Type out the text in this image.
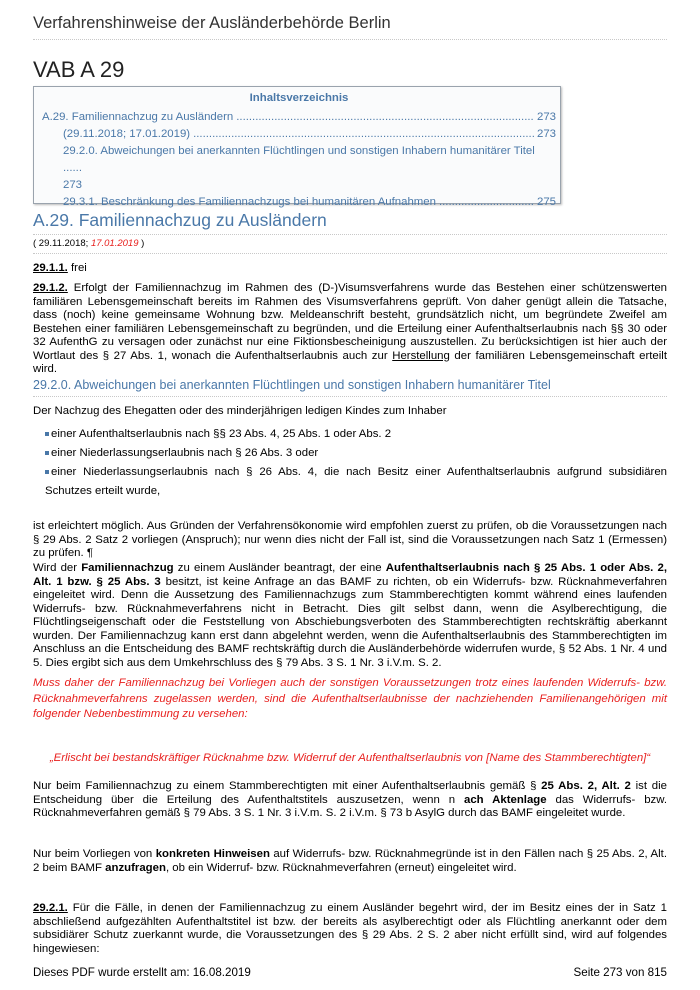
Verfahrenshinweise der Ausländerbehörde Berlin
VAB A 29
Inhaltsverzeichnis
A.29. Familiennachzug zu Ausländern .....	273
(29.11.2018; 17.01.2019) .....	273
29.2.0. Abweichungen bei anerkannten Flüchtlingen und sonstigen Inhabern humanitärer Titel ......
273
29.3.1. Beschränkung des Familiennachzugs bei humanitären Aufnahmen .....	275
A.29. Familiennachzug zu Ausländern
( 29.11.2018; 17.01.2019 )
29.1.1. frei
29.1.2. Erfolgt der Familiennachzug im Rahmen des (D-)Visumsverfahrens wurde das Bestehen einer schützenswerten familiären Lebensgemeinschaft bereits im Rahmen des Visumsverfahrens geprüft. Von daher genügt allein die Tatsache, dass (noch) keine gemeinsame Wohnung bzw. Meldeanschrift besteht, grundsätzlich nicht, um begründete Zweifel am Bestehen einer familiären Lebensgemeinschaft zu begründen, und die Erteilung einer Aufenthaltserlaubnis nach §§ 30 oder 32 AufenthG zu versagen oder zunächst nur eine Fiktionsbescheinigung auszustellen. Zu berücksichtigen ist hier auch der Wortlaut des § 27 Abs. 1, wonach die Aufenthaltserlaubnis auch zur Herstellung der familiären Lebensgemeinschaft erteilt wird.
29.2.0. Abweichungen bei anerkannten Flüchtlingen und sonstigen Inhabern humanitärer Titel
Der Nachzug des Ehegatten oder des minderjährigen ledigen Kindes zum Inhaber
einer Aufenthaltserlaubnis nach §§ 23 Abs. 4, 25 Abs. 1 oder Abs. 2
einer Niederlassungserlaubnis nach § 26 Abs. 3 oder
einer Niederlassungserlaubnis nach § 26 Abs. 4, die nach Besitz einer Aufenthaltserlaubnis aufgrund subsidiären Schutzes erteilt wurde,
ist erleichtert möglich. Aus Gründen der Verfahrensökonomie wird empfohlen zuerst zu prüfen, ob die Voraussetzungen nach § 29 Abs. 2 Satz 2 vorliegen (Anspruch); nur wenn dies nicht der Fall ist, sind die Voraussetzungen nach Satz 1 (Ermessen) zu prüfen. ¶
Wird der Familiennachzug zu einem Ausländer beantragt, der eine Aufenthaltserlaubnis nach § 25 Abs. 1 oder Abs. 2, Alt. 1 bzw. § 25 Abs. 3 besitzt, ist keine Anfrage an das BAMF zu richten, ob ein Widerrufs- bzw. Rücknahmeverfahren eingeleitet wird. Denn die Aussetzung des Familiennachzugs zum Stammberechtigten kommt während eines laufenden Widerrufs- bzw. Rücknahmeverfahrens nicht in Betracht. Dies gilt selbst dann, wenn die Asylberechtigung, die Flüchtlingseigenschaft oder die Feststellung von Abschiebungsverboten des Stammberechtigten rechtskräftig aberkannt wurden. Der Familiennachzug kann erst dann abgelehnt werden, wenn die Aufenthaltserlaubnis des Stammberechtigten im Anschluss an die Entscheidung des BAMF rechtskräftig durch die Ausländerbehörde widerrufen wurde, § 52 Abs. 1 Nr. 4 und 5. Dies ergibt sich aus dem Umkehrschluss des § 79 Abs. 3 S. 1 Nr. 3 i.V.m. S. 2.
Muss daher der Familiennachzug bei Vorliegen auch der sonstigen Voraussetzungen trotz eines laufenden Widerrufs- bzw. Rücknahmeverfahrens zugelassen werden, sind die Aufenthaltserlaubnisse der nachziehenden Familienangehörigen mit folgender Nebenbestimmung zu versehen:
„Erlischt bei bestandskräftiger Rücknahme bzw. Widerruf der Aufenthaltserlaubnis von [Name des Stammberechtigten]“
Nur beim Familiennachzug zu einem Stammberechtigten mit einer Aufenthaltserlaubnis gemäß § 25 Abs. 2, Alt. 2 ist die Entscheidung über die Erteilung des Aufenthaltstitels auszusetzen, wenn n ach Aktenlage das Widerrufs- bzw. Rücknahmeverfahren gemäß § 79 Abs. 3 S. 1 Nr. 3 i.V.m. S. 2 i.V.m. § 73 b AsylG durch das BAMF eingeleitet wurde.
Nur beim Vorliegen von konkreten Hinweisen auf Widerrufs- bzw. Rücknahmegründe ist in den Fällen nach § 25 Abs. 2, Alt. 2 beim BAMF anzufragen, ob ein Widerruf- bzw. Rücknahmeverfahren (erneut) eingeleitet wird.
29.2.1. Für die Fälle, in denen der Familiennachzug zu einem Ausländer begehrt wird, der im Besitz eines der in Satz 1 abschließend aufgezählten Aufenthaltstitel ist bzw. der bereits als asylberechtigt oder als Flüchtling anerkannt oder dem subsidiärer Schutz zuerkannt wurde, die Voraussetzungen des § 29 Abs. 2 S. 2 aber nicht erfüllt sind, wird auf folgendes hingewiesen:
Dieses PDF wurde erstellt am: 16.08.2019	Seite 273 von 815
